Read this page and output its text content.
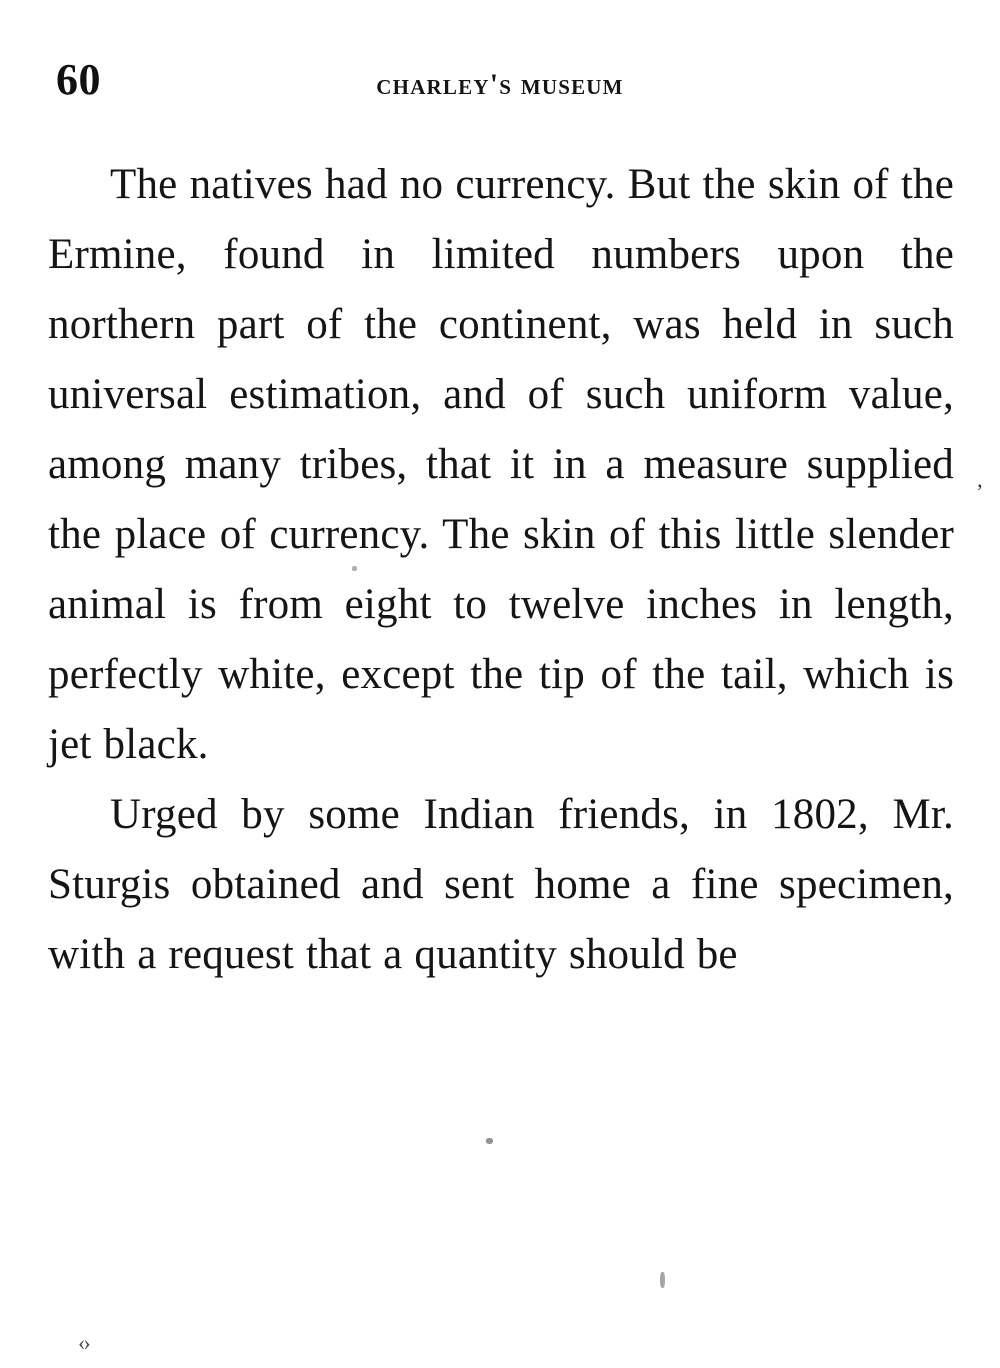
60	charley's museum

The natives had no currency. But the skin of the Ermine, found in limited numbers upon the northern part of the continent, was held in such universal estimation, and of such uniform value, among many tribes, that it in a measure supplied the place of currency. The skin of this little slender animal is from eight to twelve inches in length, perfectly white, except the tip of the tail, which is jet black.

Urged by some Indian friends, in 1802, Mr. Sturgis obtained and sent home a fine specimen, with a request that a quantity should be

’
‹›
